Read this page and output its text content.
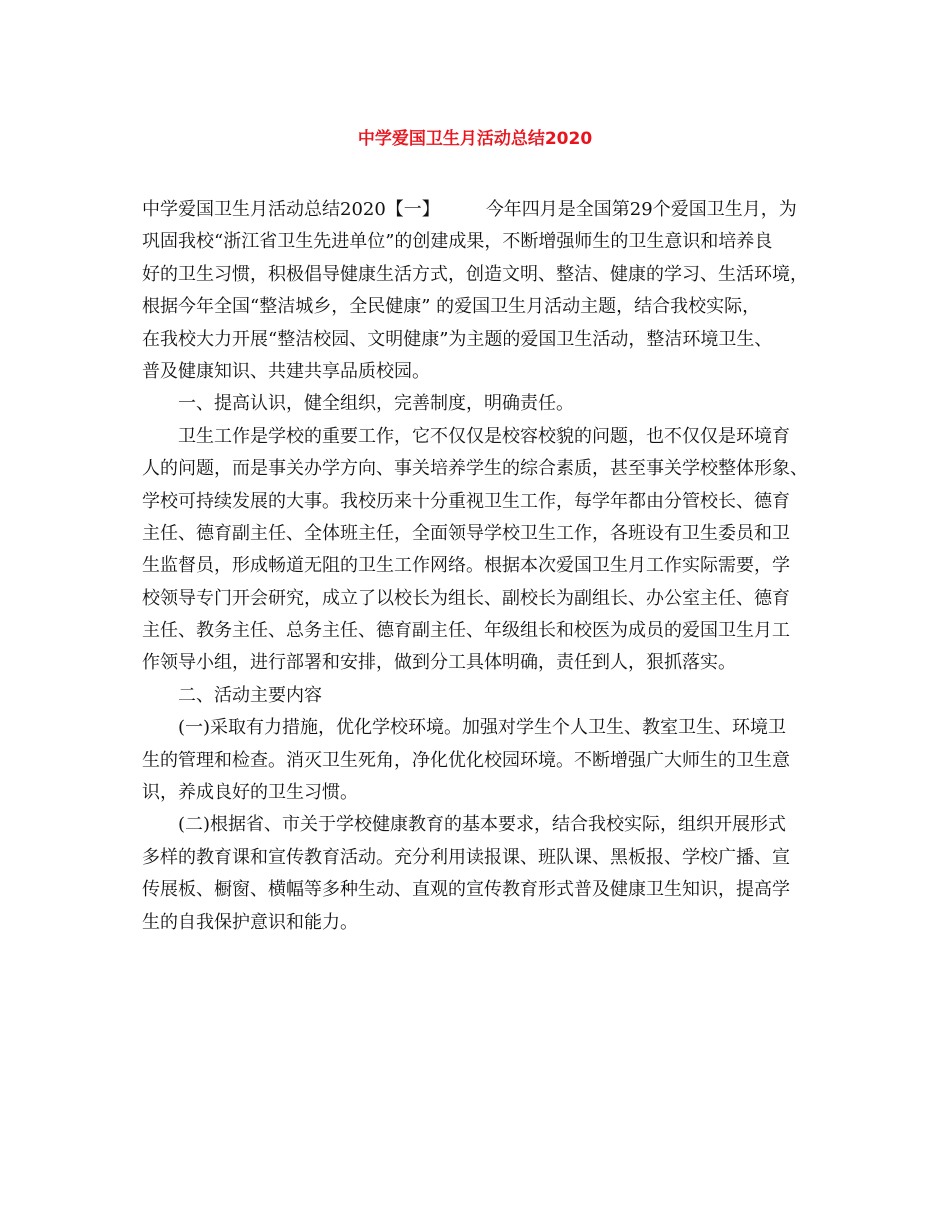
中学爱国卫生月活动总结2020
中学爱国卫生月活动总结2020【一】	今年四月是全国第29个爱国卫生月，为
巩固我校“浙江省卫生先进单位”的创建成果，不断增强师生的卫生意识和培养良
好的卫生习惯，积极倡导健康生活方式，创造文明、整洁、健康的学习、生活环境，
根据今年全国“整洁城乡，全民健康” 的爱国卫生月活动主题，结合我校实际，
在我校大力开展“整洁校园、文明健康”为主题的爱国卫生活动，整洁环境卫生、
普及健康知识、共建共享品质校园。
一、提高认识，健全组织，完善制度，明确责任。
卫生工作是学校的重要工作，它不仅仅是校容校貌的问题，也不仅仅是环境育
人的问题，而是事关办学方向、事关培养学生的综合素质，甚至事关学校整体形象、
学校可持续发展的大事。我校历来十分重视卫生工作，每学年都由分管校长、德育
主任、德育副主任、全体班主任，全面领导学校卫生工作，各班设有卫生委员和卫
生监督员，形成畅道无阻的卫生工作网络。根据本次爱国卫生月工作实际需要，学
校领导专门开会研究，成立了以校长为组长、副校长为副组长、办公室主任、德育
主任、教务主任、总务主任、德育副主任、年级组长和校医为成员的爱国卫生月工
作领导小组，进行部署和安排，做到分工具体明确，责任到人，狠抓落实。
二、活动主要内容
(一)采取有力措施，优化学校环境。加强对学生个人卫生、教室卫生、环境卫
生的管理和检查。消灭卫生死角，净化优化校园环境。不断增强广大师生的卫生意
识，养成良好的卫生习惯。
(二)根据省、市关于学校健康教育的基本要求，结合我校实际，组织开展形式
多样的教育课和宣传教育活动。充分利用读报课、班队课、黑板报、学校广播、宣
传展板、橱窗、横幅等多种生动、直观的宣传教育形式普及健康卫生知识，提高学
生的自我保护意识和能力。
